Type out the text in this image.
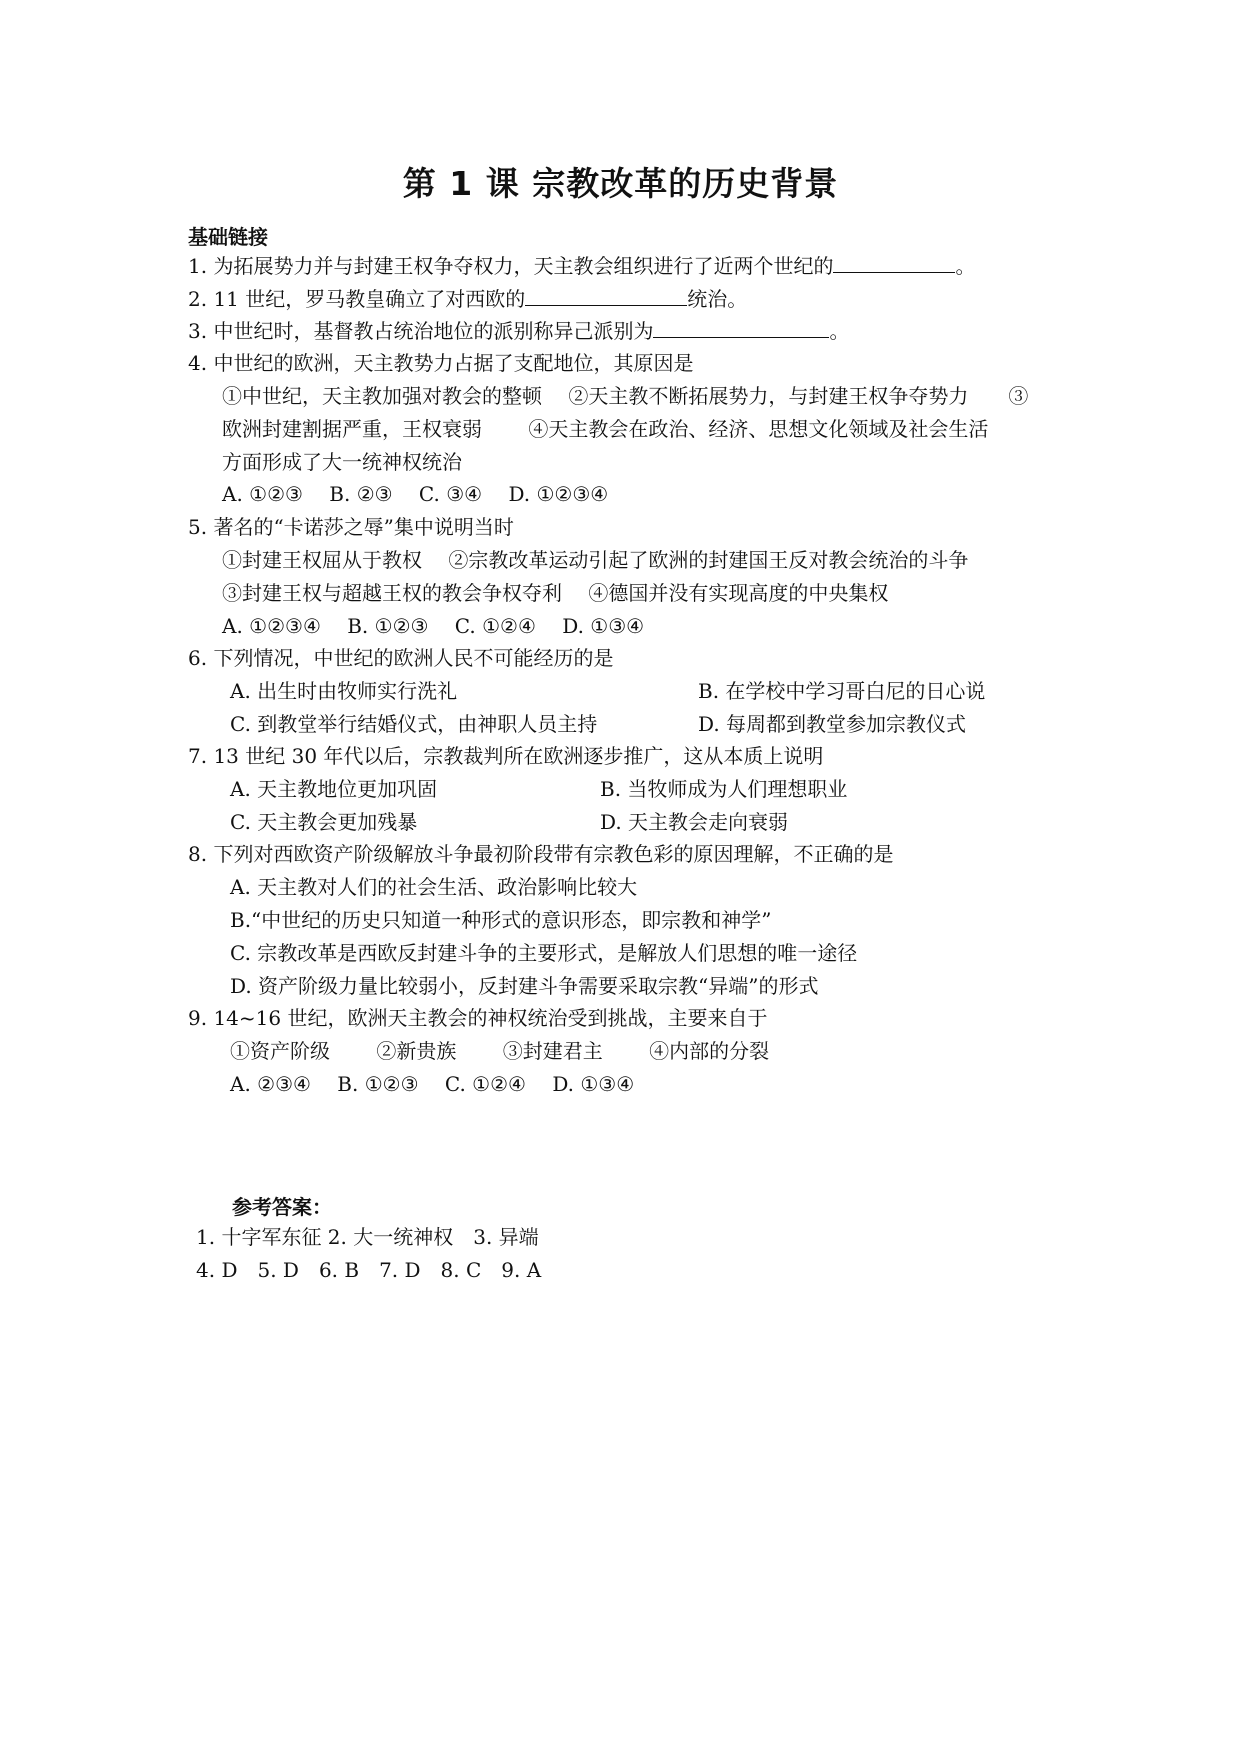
第 1 课 宗教改革的历史背景
基础链接
1. 为拓展势力并与封建王权争夺权力，天主教会组织进行了近两个世纪的	。
2. 11 世纪，罗马教皇确立了对西欧的	统治。
3. 中世纪时，基督教占统治地位的派别称异己派别为	。
4. 中世纪的欧洲，天主教势力占据了支配地位，其原因是
①中世纪，天主教加强对教会的整顿　 ②天主教不断拓展势力，与封建王权争夺势力　　③
欧洲封建割据严重，王权衰弱　　 ④天主教会在政治、经济、思想文化领域及社会生活
方面形成了大一统神权统治
A. ①②③　 B. ②③　 C. ③④　 D. ①②③④
5. 著名的“卡诺莎之辱”集中说明当时
①封建王权屈从于教权　 ②宗教改革运动引起了欧洲的封建国王反对教会统治的斗争
③封建王权与超越王权的教会争权夺利　 ④德国并没有实现高度的中央集权
A. ①②③④　 B. ①②③　 C. ①②④　 D. ①③④
6. 下列情况，中世纪的欧洲人民不可能经历的是
A. 出生时由牧师实行洗礼	B. 在学校中学习哥白尼的日心说
C. 到教堂举行结婚仪式，由神职人员主持	D. 每周都到教堂参加宗教仪式
7. 13 世纪 30 年代以后，宗教裁判所在欧洲逐步推广，这从本质上说明
A. 天主教地位更加巩固	B. 当牧师成为人们理想职业
C. 天主教会更加残暴	D. 天主教会走向衰弱
8. 下列对西欧资产阶级解放斗争最初阶段带有宗教色彩的原因理解，不正确的是
A. 天主教对人们的社会生活、政治影响比较大
B.“中世纪的历史只知道一种形式的意识形态，即宗教和神学”
C. 宗教改革是西欧反封建斗争的主要形式，是解放人们思想的唯一途径
D. 资产阶级力量比较弱小，反封建斗争需要采取宗教“异端”的形式
9. 14~16 世纪，欧洲天主教会的神权统治受到挑战，主要来自于
①资产阶级　　 ②新贵族　　 ③封建君主　　 ④内部的分裂
A. ②③④　 B. ①②③　 C. ①②④　 D. ①③④
参考答案：
1. 十字军东征 2. 大一统神权　3. 异端
4. D　5. D　6. B　7. D　8. C　9. A
